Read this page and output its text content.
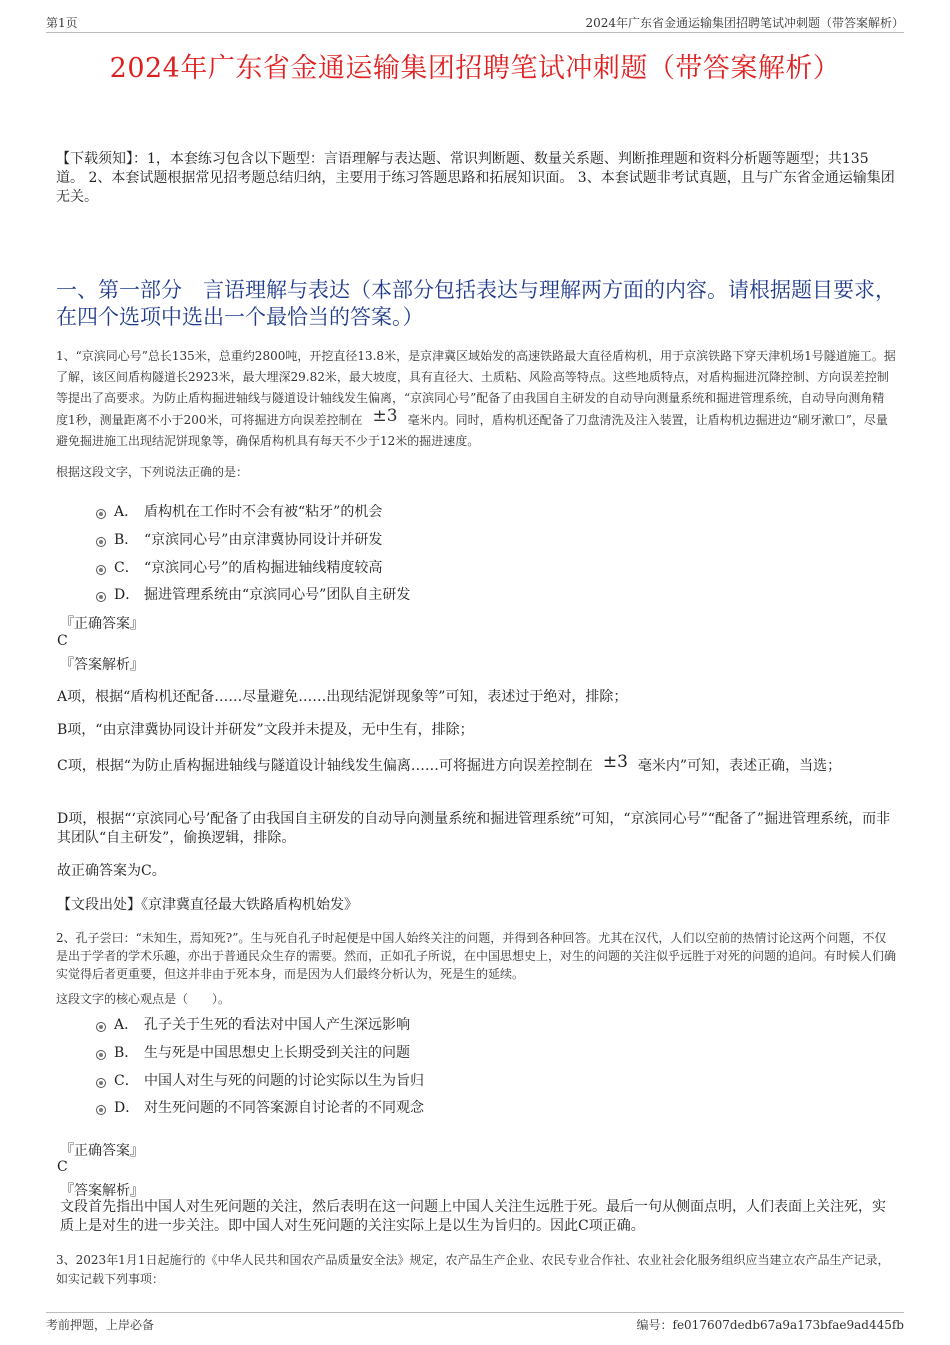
第1页	2024年广东省金通运输集团招聘笔试冲刺题（带答案解析）
2024年广东省金通运输集团招聘笔试冲刺题（带答案解析）
【下载须知】：1，本套练习包含以下题型：言语理解与表达题、常识判断题、数量关系题、判断推理题和资料分析题等题型；共135道。 2、本套试题根据常见招考题总结归纳，主要用于练习答题思路和拓展知识面。 3、本套试题非考试真题，且与广东省金通运输集团无关。
一、第一部分　言语理解与表达（本部分包括表达与理解两方面的内容。请根据题目要求，在四个选项中选出一个最恰当的答案。）
1、“京滨同心号”总长135米，总重约2800吨，开挖直径13.8米，是京津冀区域始发的高速铁路最大直径盾构机，用于京滨铁路下穿天津机场1号隧道施工。据了解，该区间盾构隧道长2923米，最大埋深29.82米，最大坡度，具有直径大、土质粘、风险高等特点。这些地质特点，对盾构掘进沉降控制、方向误差控制等提出了高要求。为防止盾构掘进轴线与隧道设计轴线发生偏离，“京滨同心号”配备了由我国自主研发的自动导向测量系统和掘进管理系统，自动导向测角精度1秒，测量距离不小于200米，可将掘进方向误差控制在 ±3 毫米内。同时，盾构机还配备了刀盘清洗及注入装置，让盾构机边掘进边“刷牙漱口”，尽量避免掘进施工出现结泥饼现象等，确保盾构机具有每天不少于12米的掘进速度。
根据这段文字，下列说法正确的是：
A． 盾构机在工作时不会有被“粘牙”的机会
B． “京滨同心号”由京津冀协同设计并研发
C． “京滨同心号”的盾构掘进轴线精度较高
D． 掘进管理系统由“京滨同心号”团队自主研发
『正确答案』
C
『答案解析』
A项，根据“盾构机还配备……尽量避免……出现结泥饼现象等”可知，表述过于绝对，排除；
B项，“由京津冀协同设计并研发”文段并未提及，无中生有，排除；
C项，根据“为防止盾构掘进轴线与隧道设计轴线发生偏离……可将掘进方向误差控制在 ±3 毫米内”可知，表述正确，当选；
D项，根据“‘京滨同心号’配备了由我国自主研发的自动导向测量系统和掘进管理系统”可知，“京滨同心号”“配备了”掘进管理系统，而非其团队“自主研发”，偷换逻辑，排除。
故正确答案为C。
【文段出处】《京津冀直径最大铁路盾构机始发》
2、孔子尝曰：“未知生，焉知死?”。生与死自孔子时起便是中国人始终关注的问题，并得到各种回答。尤其在汉代，人们以空前的热情讨论这两个问题，不仅是出于学者的学术乐趣，亦出于普通民众生存的需要。然而，正如孔子所说，在中国思想史上，对生的问题的关注似乎远胜于对死的问题的追问。有时候人们确实觉得后者更重要，但这并非由于死本身，而是因为人们最终分析认为，死是生的延续。
这段文字的核心观点是（　　）。
A． 孔子关于生死的看法对中国人产生深远影响
B． 生与死是中国思想史上长期受到关注的问题
C． 中国人对生与死的问题的讨论实际以生为旨归
D． 对生死问题的不同答案源自讨论者的不同观念
『正确答案』
C
『答案解析』
文段首先指出中国人对生死问题的关注，然后表明在这一问题上中国人关注生远胜于死。最后一句从侧面点明，人们表面上关注死，实质上是对生的进一步关注。即中国人对生死问题的关注实际上是以生为旨归的。因此C项正确。
3、2023年1月1日起施行的《中华人民共和国农产品质量安全法》规定，农产品生产企业、农民专业合作社、农业社会化服务组织应当建立农产品生产记录，如实记载下列事项：
考前押题，上岸必备	编号：fe017607dedb67a9a173bfae9ad445fb
